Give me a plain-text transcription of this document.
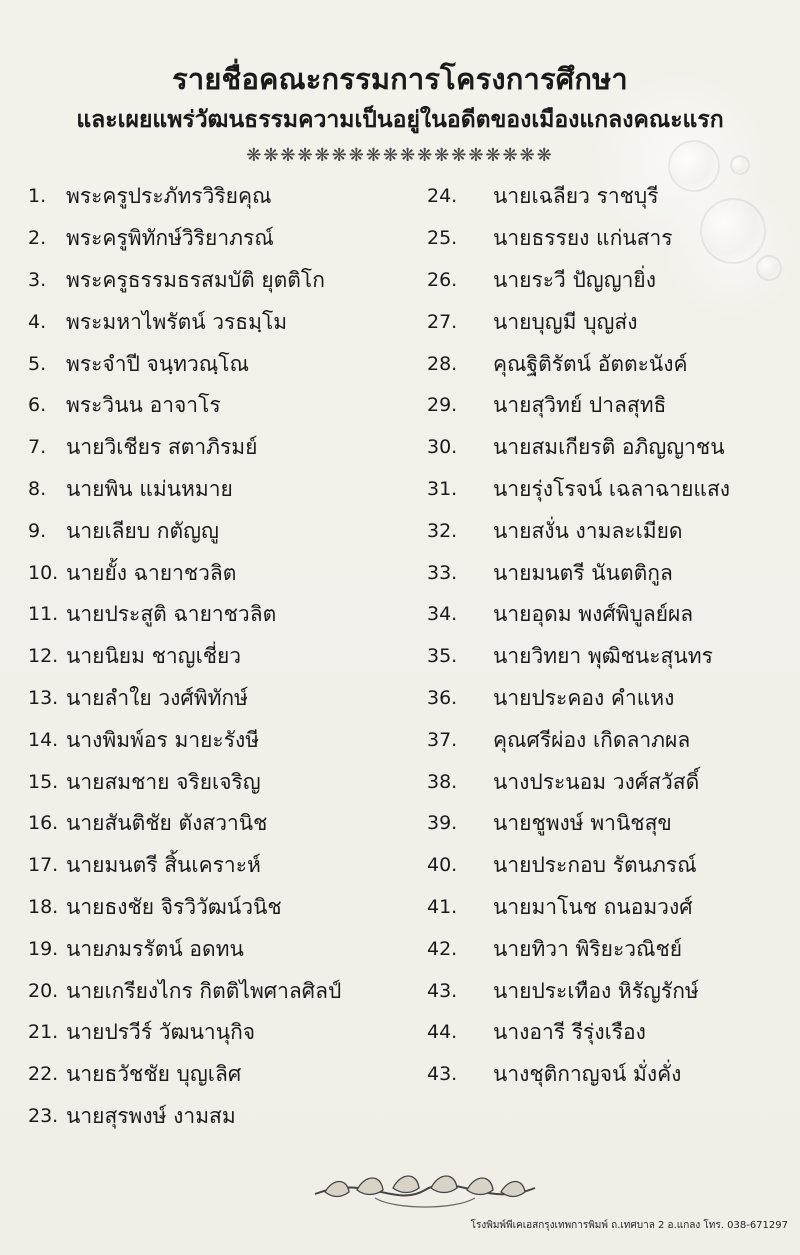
รายชื่อคณะกรรมการโครงการศึกษา
และเผยแพร่วัฒนธรรมความเป็นอยู่ในอดีตของเมืองแกลงคณะแรก
❋❋❋❋❋❋❋❋❋❋❋❋❋❋❋❋❋❋
1. พระครูประภัทรวิริยคุณ
2. พระครูพิทักษ์วิริยาภรณ์
3. พระครูธรรมธรสมบัติ ยุตติโก
4. พระมหาไพรัตน์ วรธมฺโม
5. พระจำปี จนฺทวณฺโณ
6. พระวินน อาจาโร
7. นายวิเชียร สตาภิรมย์
8. นายพิน แม่นหมาย
9. นายเลียบ กตัญญู
10. นายยั้ง ฉายาชวลิต
11. นายประสูติ ฉายาชวลิต
12. นายนิยม ชาญเชี่ยว
13. นายลำใย วงศ์พิทักษ์
14. นางพิมพ์อร มายะรังษี
15. นายสมชาย จริยเจริญ
16. นายสันติชัย ตังสวานิช
17. นายมนตรี สิ้นเคราะห์
18. นายธงชัย จิรวิวัฒน์วนิช
19. นายภมรรัตน์ อดทน
20. นายเกรียงไกร กิตติไพศาลศิลป์
21. นายปรวีร์ วัฒนานุกิจ
22. นายธวัชชัย บุญเลิศ
23. นายสุรพงษ์ งามสม
24.	นายเฉลียว ราชบุรี
25.	นายธรรยง แก่นสาร
26.	นายระวี ปัญญายิ่ง
27.	นายบุญมี บุญส่ง
28.	คุณฐิติรัตน์ อัตตะนังค์
29.	นายสุวิทย์ ปาลสุทธิ
30.	นายสมเกียรติ อภิญญาชน
31.	นายรุ่งโรจน์ เฉลาฉายแสง
32.	นายสงั่น งามละเมียด
33.	นายมนตรี นันตติกูล
34.	นายอุดม พงศ์พิบูลย์ผล
35.	นายวิทยา พุฒิชนะสุนทร
36.	นายประคอง คำแหง
37.	คุณศรีผ่อง เกิดลาภผล
38.	นางประนอม วงศ์สวัสดิ์
39.	นายชูพงษ์ พานิชสุข
40.	นายประกอบ รัตนภรณ์
41.	นายมาโนช ถนอมวงศ์
42.	นายทิวา พิริยะวณิชย์
43.	นายประเทือง หิรัญรักษ์
44.	นางอารี รีรุ่งเรือง
43.	นางชุติกาญจน์ มั่งคั่ง
โรงพิมพ์พีเคเอสกรุงเทพการพิมพ์ ถ.เทศบาล 2 อ.แกลง โทร. 038-671297
